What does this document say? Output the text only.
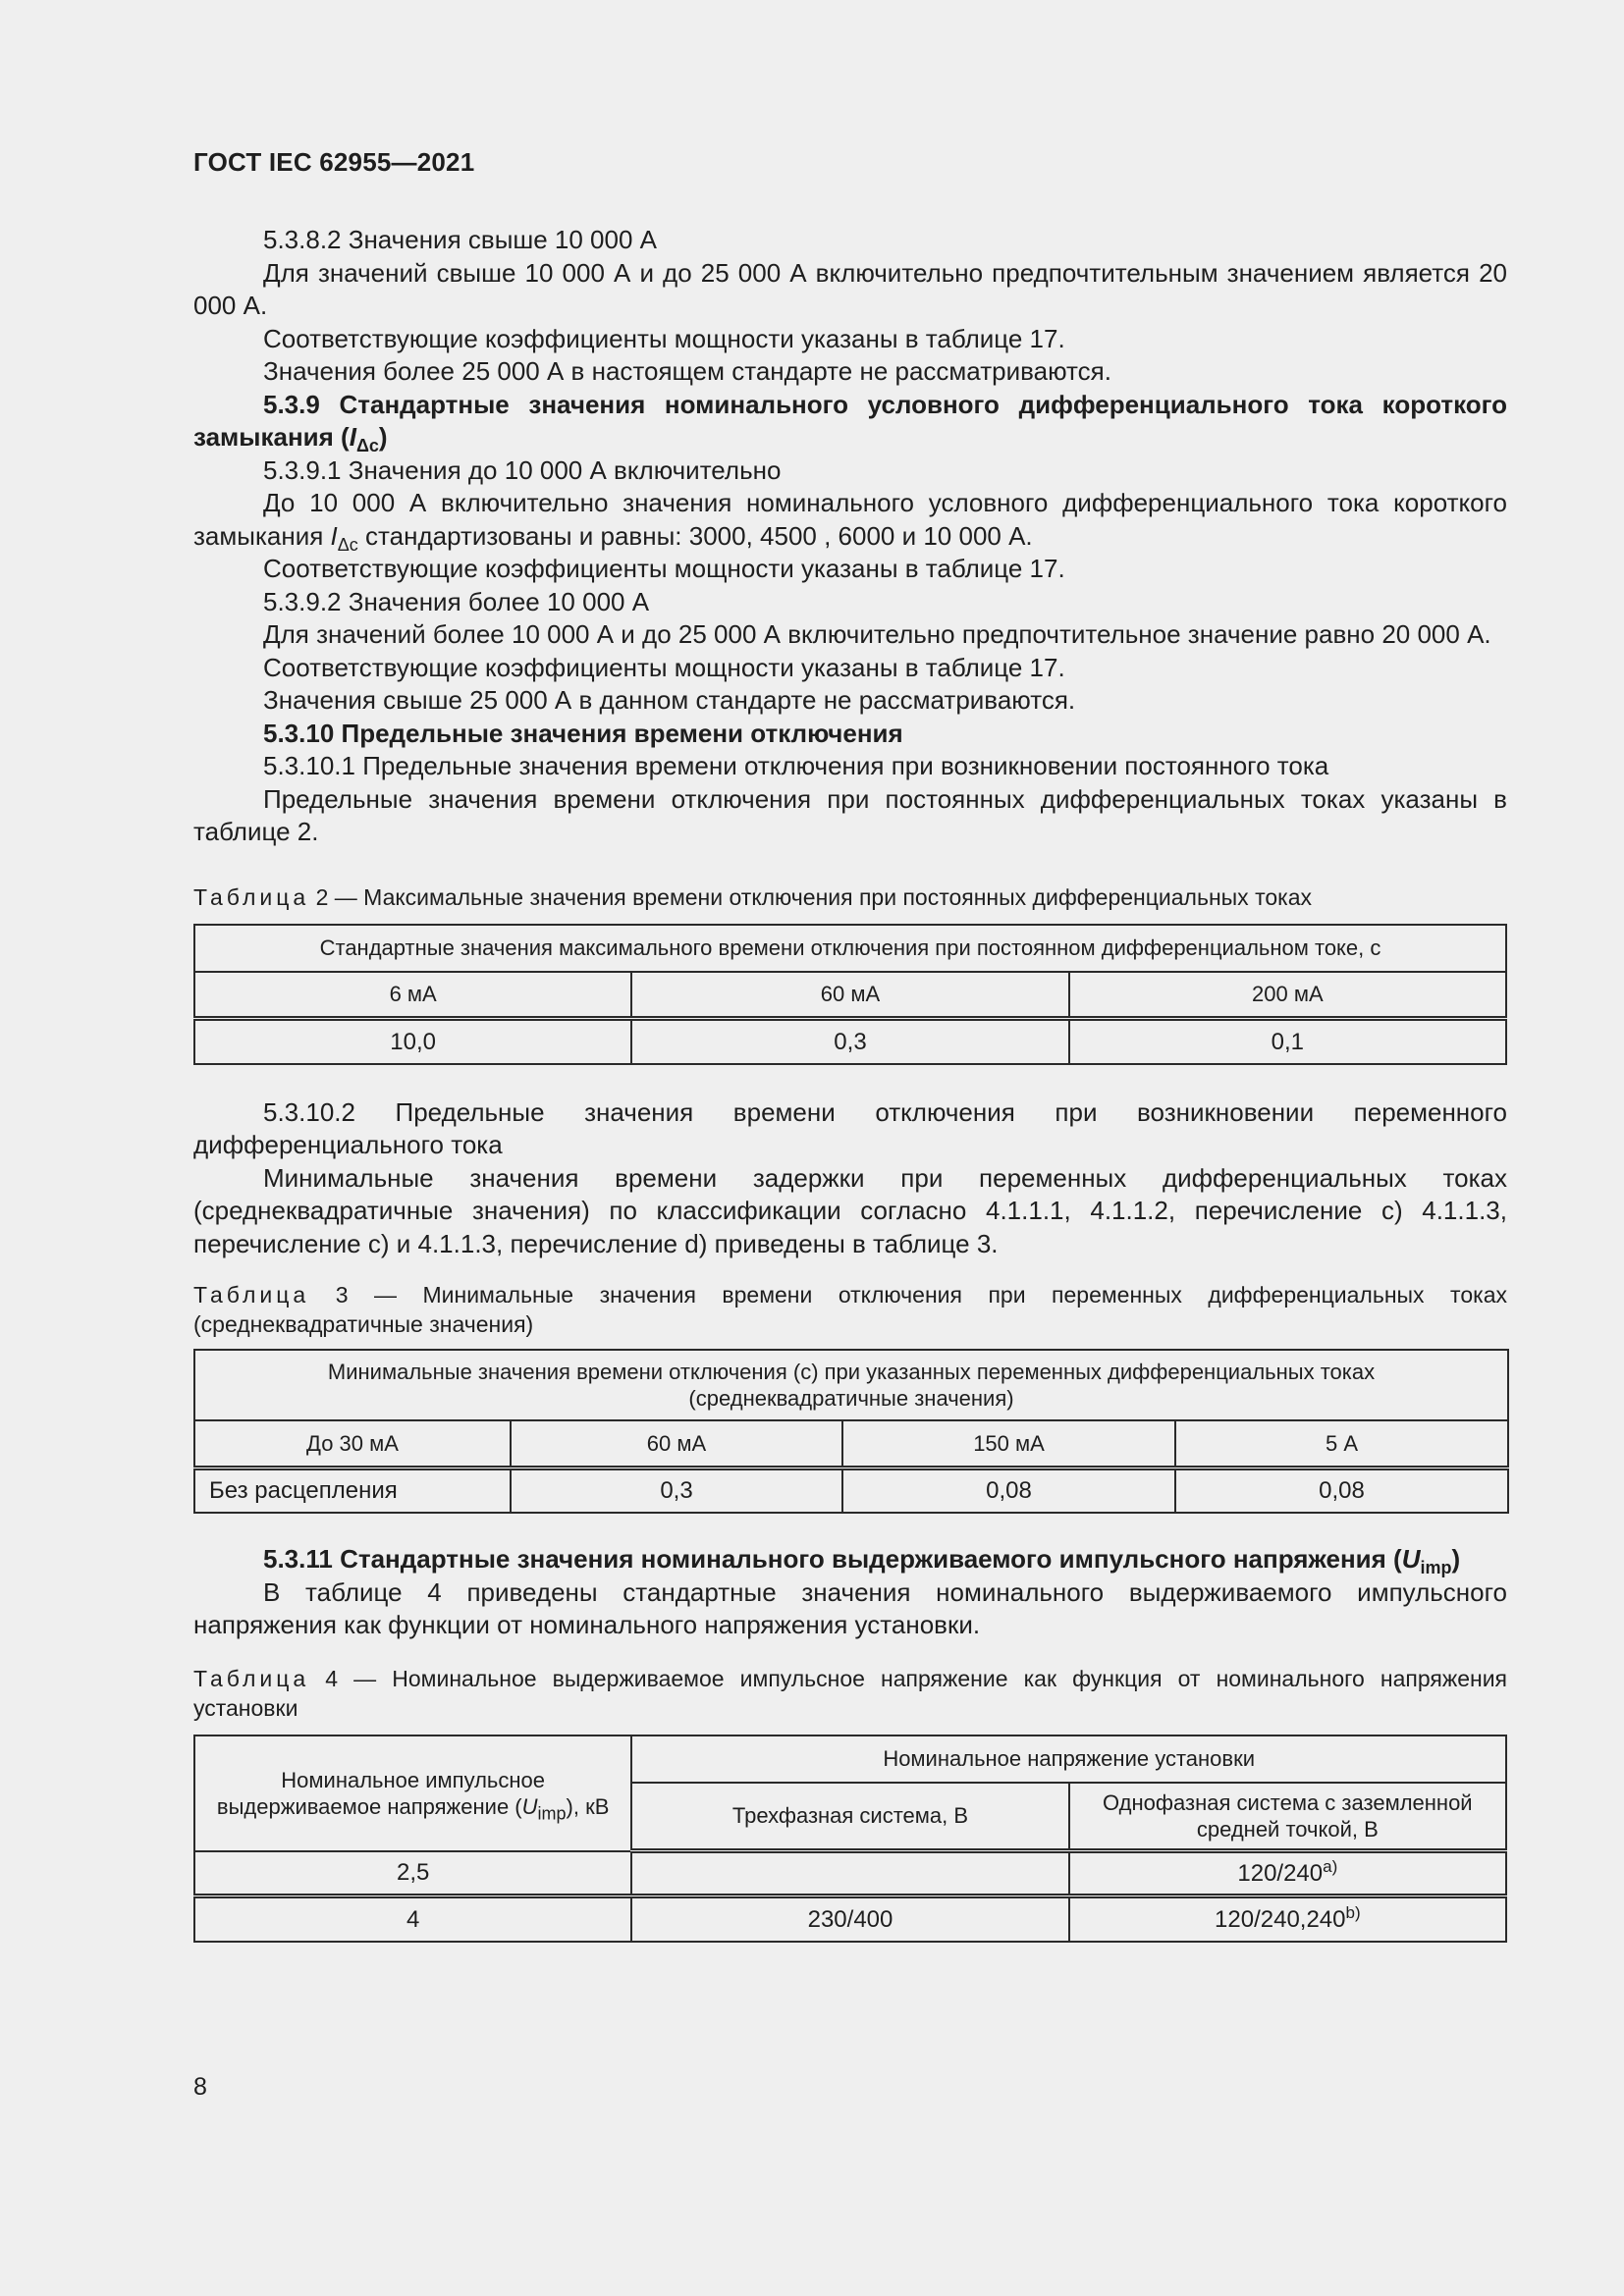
ГОСТ IEC 62955—2021

5.3.8.2 Значения свыше 10 000 А

Для значений свыше 10 000 А и до 25 000 А включительно предпочтительным значением является 20 000 А.

Соответствующие коэффициенты мощности указаны в таблице 17.

Значения более 25 000 А в настоящем стандарте не рассматриваются.

5.3.9 Стандартные значения номинального условного дифференциального тока короткого замыкания $(I_{\Delta c})$

5.3.9.1 Значения до 10 000 А включительно

До 10 000 А включительно значения номинального условного дифференциального тока короткого замыкания $I_{\Delta c}$ стандартизованы и равны: 3000, 4500 , 6000 и 10 000 А.

Соответствующие коэффициенты мощности указаны в таблице 17.

5.3.9.2 Значения более 10 000 А

Для значений более 10 000 А и до 25 000 А включительно предпочтительное значение равно 20 000 А.

Соответствующие коэффициенты мощности указаны в таблице 17.

Значения свыше 25 000 А в данном стандарте не рассматриваются.

5.3.10 Предельные значения времени отключения

5.3.10.1 Предельные значения времени отключения при возникновении постоянного тока

Предельные значения времени отключения при постоянных дифференциальных токах указаны в таблице 2.

Таблица 2 — Максимальные значения времени отключения при постоянных дифференциальных токах

Стандартные значения максимального времени отключения при постоянном дифференциальном токе, с		
6 мА	60 мА	200 мА
10,0	0,3	0,1

5.3.10.2 Предельные значения времени отключения при возникновении переменного дифференциального тока

Минимальные значения времени задержки при переменных дифференциальных токах (среднеквадратичные значения) по классификации согласно 4.1.1.1, 4.1.1.2, перечисление с) 4.1.1.3, перечисление с) и 4.1.1.3, перечисление d) приведены в таблице 3.

Таблица 3 — Минимальные значения времени отключения при переменных дифференциальных токах (среднеквадратичные значения)

Минимальные значения времени отключения (с) при указанных переменных дифференциальных токах
(среднеквадратичные значения)			
До 30 мА	60 мА	150 мА	5 А
Без расцепления	0,3	0,08	0,08

5.3.11 Стандартные значения номинального выдерживаемого импульсного напряжения $(U_{imp})$

В таблице 4 приведены стандартные значения номинального выдерживаемого импульсного напряжения как функции от номинального напряжения установки.

Таблица 4 — Номинальное выдерживаемое импульсное напряжение как функция от номинального напряжения установки

Номинальное импульсное
выдерживаемое напряжение $(U_{imp})$, кВ	Номинальное напряжение установки	
	Трехфазная система, В	Однофазная система с заземленной
средней точкой, В
2,5		120/240$^{a)}$
4	230/400	120/240,240$^{b)}$
8
